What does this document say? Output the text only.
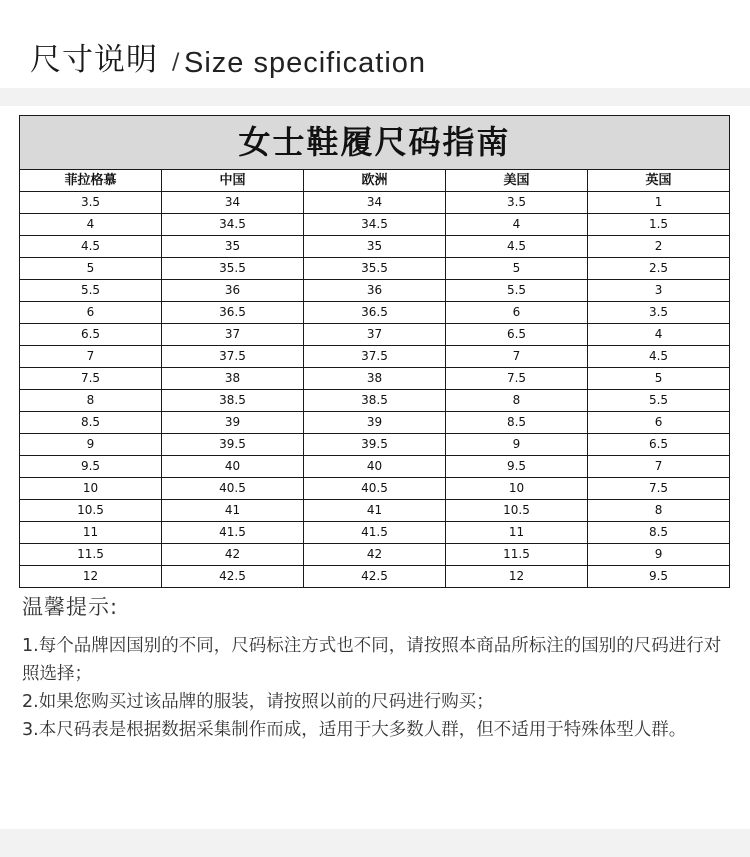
尺寸说明 / Size specification
女士鞋履尺码指南				
菲拉格慕	中国	欧洲	美国	英国
3.5	34	34	3.5	1
4	34.5	34.5	4	1.5
4.5	35	35	4.5	2
5	35.5	35.5	5	2.5
5.5	36	36	5.5	3
6	36.5	36.5	6	3.5
6.5	37	37	6.5	4
7	37.5	37.5	7	4.5
7.5	38	38	7.5	5
8	38.5	38.5	8	5.5
8.5	39	39	8.5	6
9	39.5	39.5	9	6.5
9.5	40	40	9.5	7
10	40.5	40.5	10	7.5
10.5	41	41	10.5	8
11	41.5	41.5	11	8.5
11.5	42	42	11.5	9
12	42.5	42.5	12	9.5
温馨提示:
1.每个品牌因国别的不同，尺码标注方式也不同，请按照本商品所标注的国别的尺码进行对照选择；
2.如果您购买过该品牌的服装，请按照以前的尺码进行购买；
3.本尺码表是根据数据采集制作而成，适用于大多数人群，但不适用于特殊体型人群。
